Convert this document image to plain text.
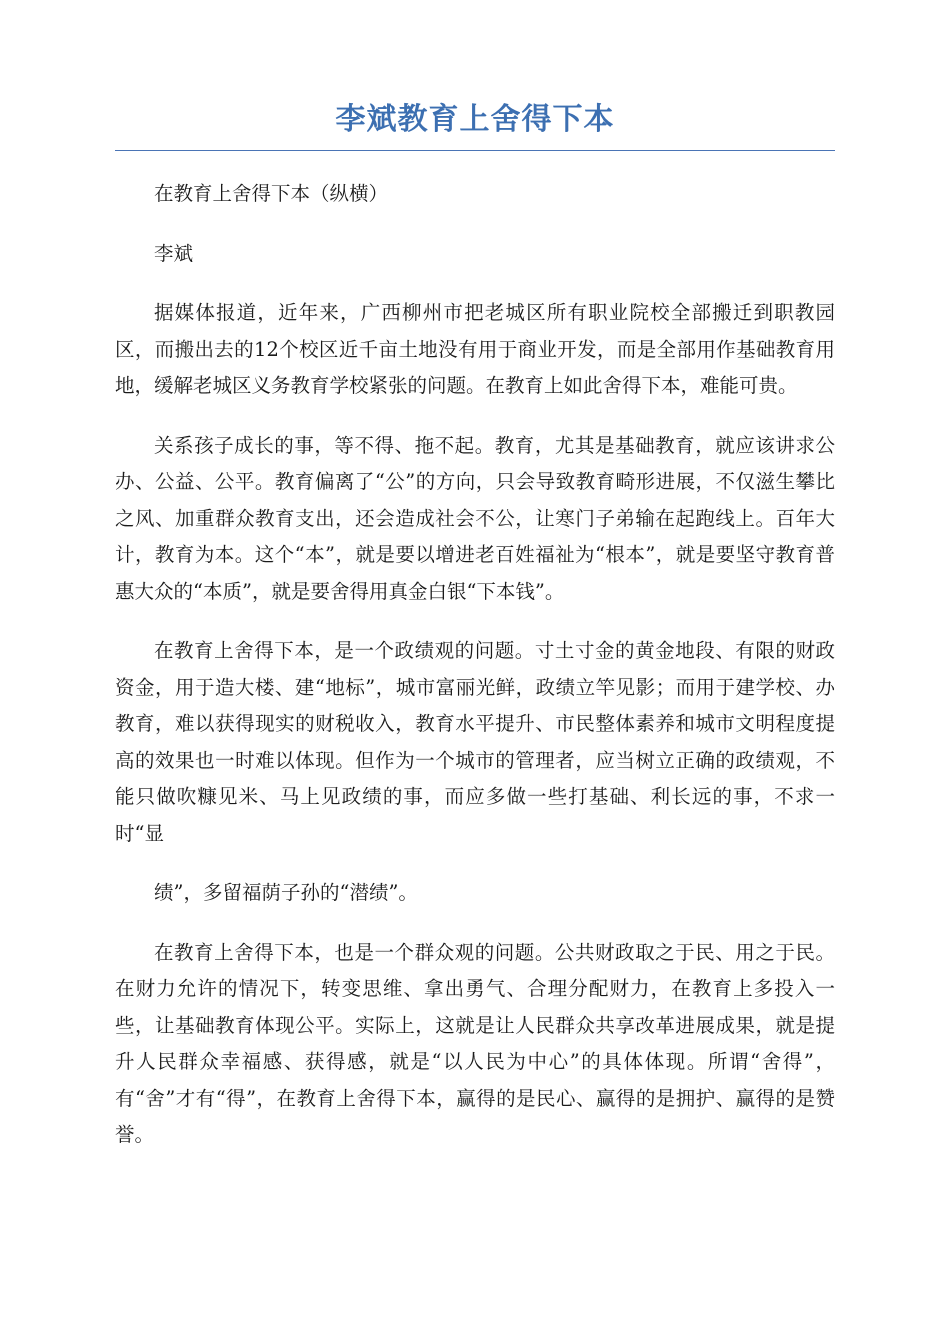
李斌教育上舍得下本

在教育上舍得下本（纵横）

李斌

据媒体报道，近年来，广西柳州市把老城区所有职业院校全部搬迁到职教园区，而搬出去的12个校区近千亩土地没有用于商业开发，而是全部用作基础教育用地，缓解老城区义务教育学校紧张的问题。在教育上如此舍得下本，难能可贵。

关系孩子成长的事，等不得、拖不起。教育，尤其是基础教育，就应该讲求公办、公益、公平。教育偏离了“公”的方向，只会导致教育畸形进展，不仅滋生攀比之风、加重群众教育支出，还会造成社会不公，让寒门子弟输在起跑线上。百年大计，教育为本。这个“本”，就是要以增进老百姓福祉为“根本”，就是要坚守教育普惠大众的“本质”，就是要舍得用真金白银“下本钱”。

在教育上舍得下本，是一个政绩观的问题。寸土寸金的黄金地段、有限的财政资金，用于造大楼、建“地标”，城市富丽光鲜，政绩立竿见影；而用于建学校、办教育，难以获得现实的财税收入，教育水平提升、市民整体素养和城市文明程度提高的效果也一时难以体现。但作为一个城市的管理者，应当树立正确的政绩观，不能只做吹糠见米、马上见政绩的事，而应多做一些打基础、利长远的事，不求一时“显

绩”，多留福荫子孙的“潜绩”。

在教育上舍得下本，也是一个群众观的问题。公共财政取之于民、用之于民。在财力允许的情况下，转变思维、拿出勇气、合理分配财力，在教育上多投入一些，让基础教育体现公平。实际上，这就是让人民群众共享改革进展成果，就是提升人民群众幸福感、获得感，就是“以人民为中心”的具体体现。所谓“舍得”，有“舍”才有“得”，在教育上舍得下本，赢得的是民心、赢得的是拥护、赢得的是赞誉。
